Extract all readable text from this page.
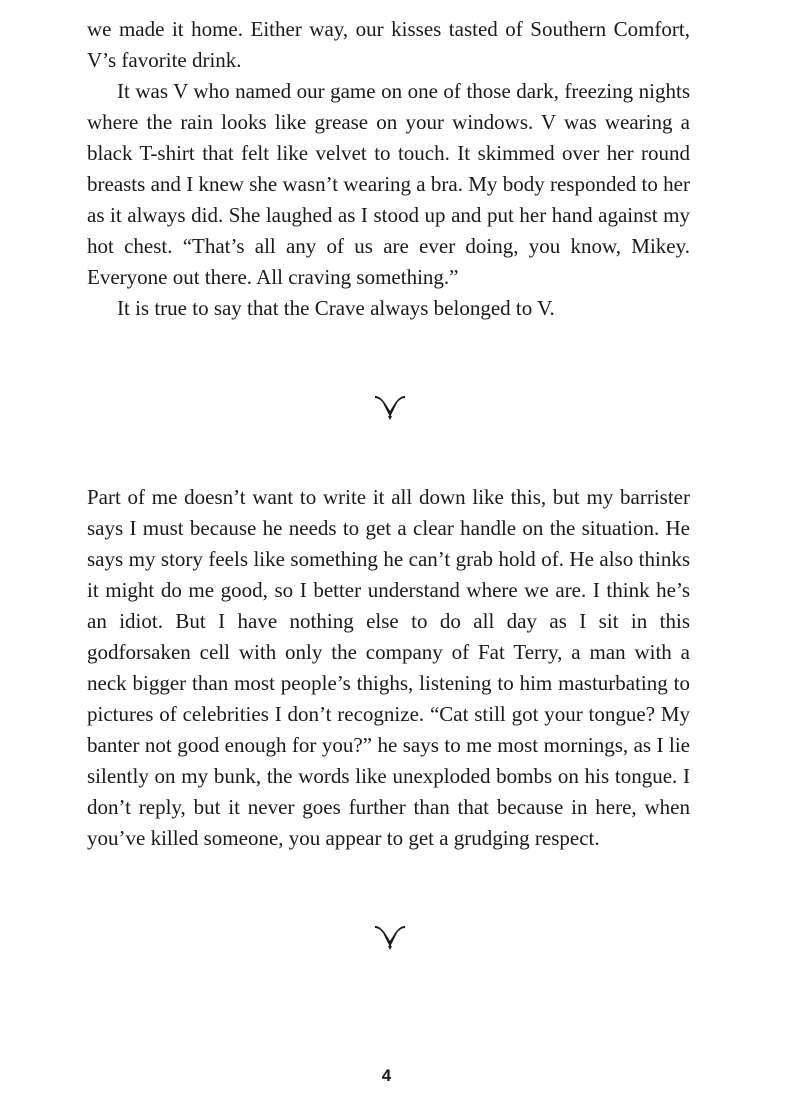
we made it home. Either way, our kisses tasted of Southern Comfort, V’s favorite drink.

It was V who named our game on one of those dark, freezing nights where the rain looks like grease on your windows. V was wearing a black T-shirt that felt like velvet to touch. It skimmed over her round breasts and I knew she wasn’t wearing a bra. My body responded to her as it always did. She laughed as I stood up and put her hand against my hot chest. “That’s all any of us are ever doing, you know, Mikey. Everyone out there. All craving something.”

It is true to say that the Crave always belonged to V.

Part of me doesn’t want to write it all down like this, but my barrister says I must because he needs to get a clear handle on the situation. He says my story feels like something he can’t grab hold of. He also thinks it might do me good, so I better understand where we are. I think he’s an idiot. But I have nothing else to do all day as I sit in this godforsaken cell with only the company of Fat Terry, a man with a neck bigger than most people’s thighs, listening to him masturbating to pictures of celebrities I don’t recognize. “Cat still got your tongue? My banter not good enough for you?” he says to me most mornings, as I lie silently on my bunk, the words like unexploded bombs on his tongue. I don’t reply, but it never goes further than that because in here, when you’ve killed someone, you appear to get a grudging respect.

4
